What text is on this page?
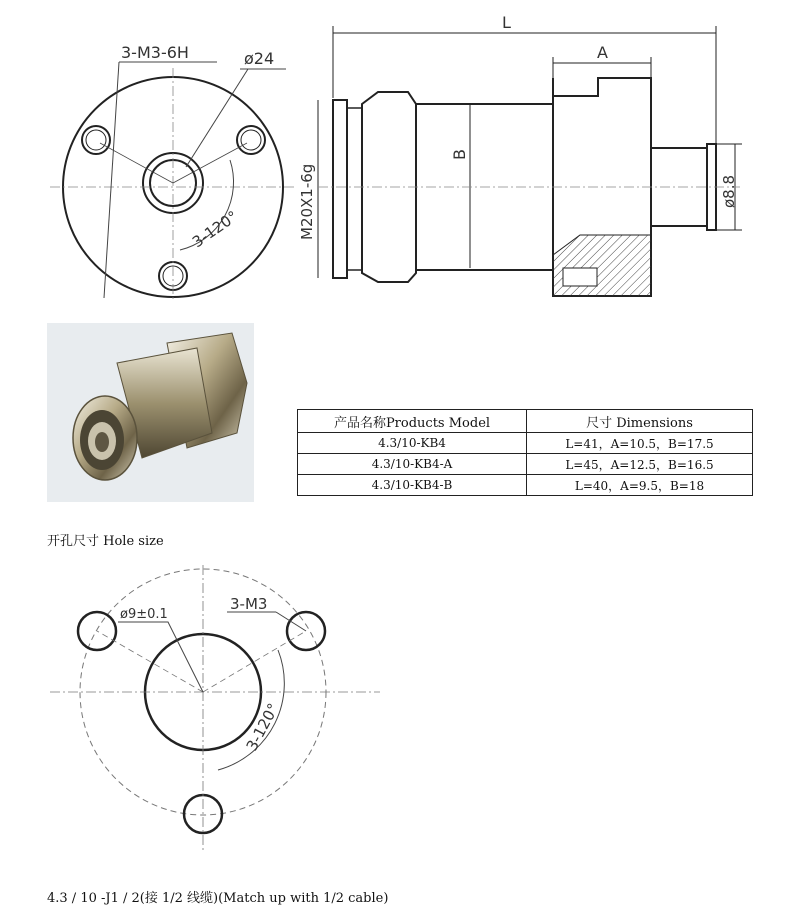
3-M3-6H	ø24
3-120°
L
A
B
M20X1-6g	ø8.8
ø9±0.1
3-M3
3-120°
产品名称Products Model	尺寸 Dimensions
4.3/10-KB4	L=41，A=10.5，B=17.5
4.3/10-KB4-A	L=45，A=12.5，B=16.5
4.3/10-KB4-B	L=40，A=9.5，B=18
开孔尺寸 Hole size
4.3 / 10 -J1 / 2(接 1/2 线缆)(Match up with 1/2 cable)
